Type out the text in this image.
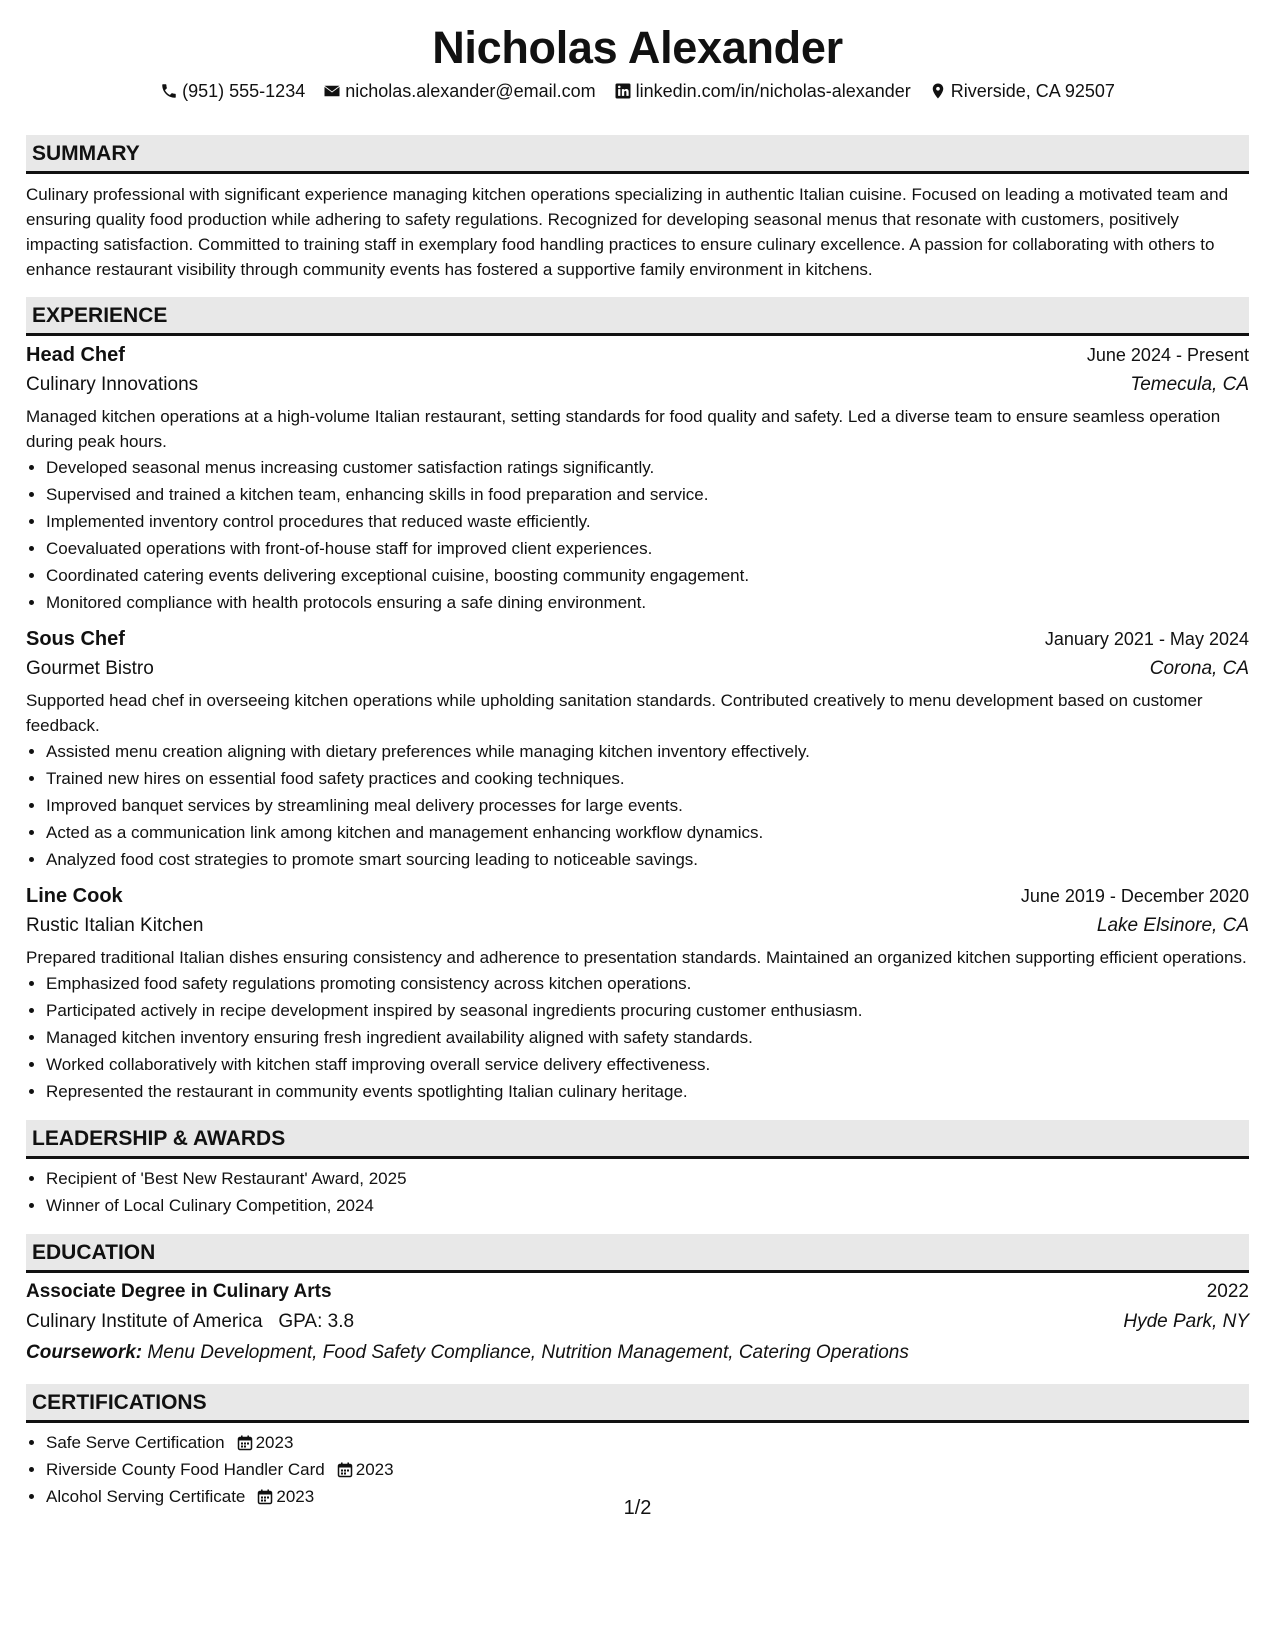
Nicholas Alexander
(951) 555-1234 nicholas.alexander@email.com linkedin.com/in/nicholas-alexander Riverside, CA 92507
SUMMARY
Culinary professional with significant experience managing kitchen operations specializing in authentic Italian cuisine. Focused on leading a motivated team and ensuring quality food production while adhering to safety regulations. Recognized for developing seasonal menus that resonate with customers, positively impacting satisfaction. Committed to training staff in exemplary food handling practices to ensure culinary excellence. A passion for collaborating with others to enhance restaurant visibility through community events has fostered a supportive family environment in kitchens.
EXPERIENCE
Head Chef	June 2024 - Present
Culinary Innovations	Temecula, CA
Managed kitchen operations at a high-volume Italian restaurant, setting standards for food quality and safety. Led a diverse team to ensure seamless operation during peak hours.
• Developed seasonal menus increasing customer satisfaction ratings significantly.
• Supervised and trained a kitchen team, enhancing skills in food preparation and service.
• Implemented inventory control procedures that reduced waste efficiently.
• Coevaluated operations with front-of-house staff for improved client experiences.
• Coordinated catering events delivering exceptional cuisine, boosting community engagement.
• Monitored compliance with health protocols ensuring a safe dining environment.
Sous Chef	January 2021 - May 2024
Gourmet Bistro	Corona, CA
Supported head chef in overseeing kitchen operations while upholding sanitation standards. Contributed creatively to menu development based on customer feedback.
• Assisted menu creation aligning with dietary preferences while managing kitchen inventory effectively.
• Trained new hires on essential food safety practices and cooking techniques.
• Improved banquet services by streamlining meal delivery processes for large events.
• Acted as a communication link among kitchen and management enhancing workflow dynamics.
• Analyzed food cost strategies to promote smart sourcing leading to noticeable savings.
Line Cook	June 2019 - December 2020
Rustic Italian Kitchen	Lake Elsinore, CA
Prepared traditional Italian dishes ensuring consistency and adherence to presentation standards. Maintained an organized kitchen supporting efficient operations.
• Emphasized food safety regulations promoting consistency across kitchen operations.
• Participated actively in recipe development inspired by seasonal ingredients procuring customer enthusiasm.
• Managed kitchen inventory ensuring fresh ingredient availability aligned with safety standards.
• Worked collaboratively with kitchen staff improving overall service delivery effectiveness.
• Represented the restaurant in community events spotlighting Italian culinary heritage.
LEADERSHIP & AWARDS
• Recipient of 'Best New Restaurant' Award, 2025
• Winner of Local Culinary Competition, 2024
EDUCATION
Associate Degree in Culinary Arts	2022
Culinary Institute of America GPA: 3.8	Hyde Park, NY
Coursework: Menu Development, Food Safety Compliance, Nutrition Management, Catering Operations
CERTIFICATIONS
• Safe Serve Certification 2023
• Riverside County Food Handler Card 2023
• Alcohol Serving Certificate 2023
1/2
